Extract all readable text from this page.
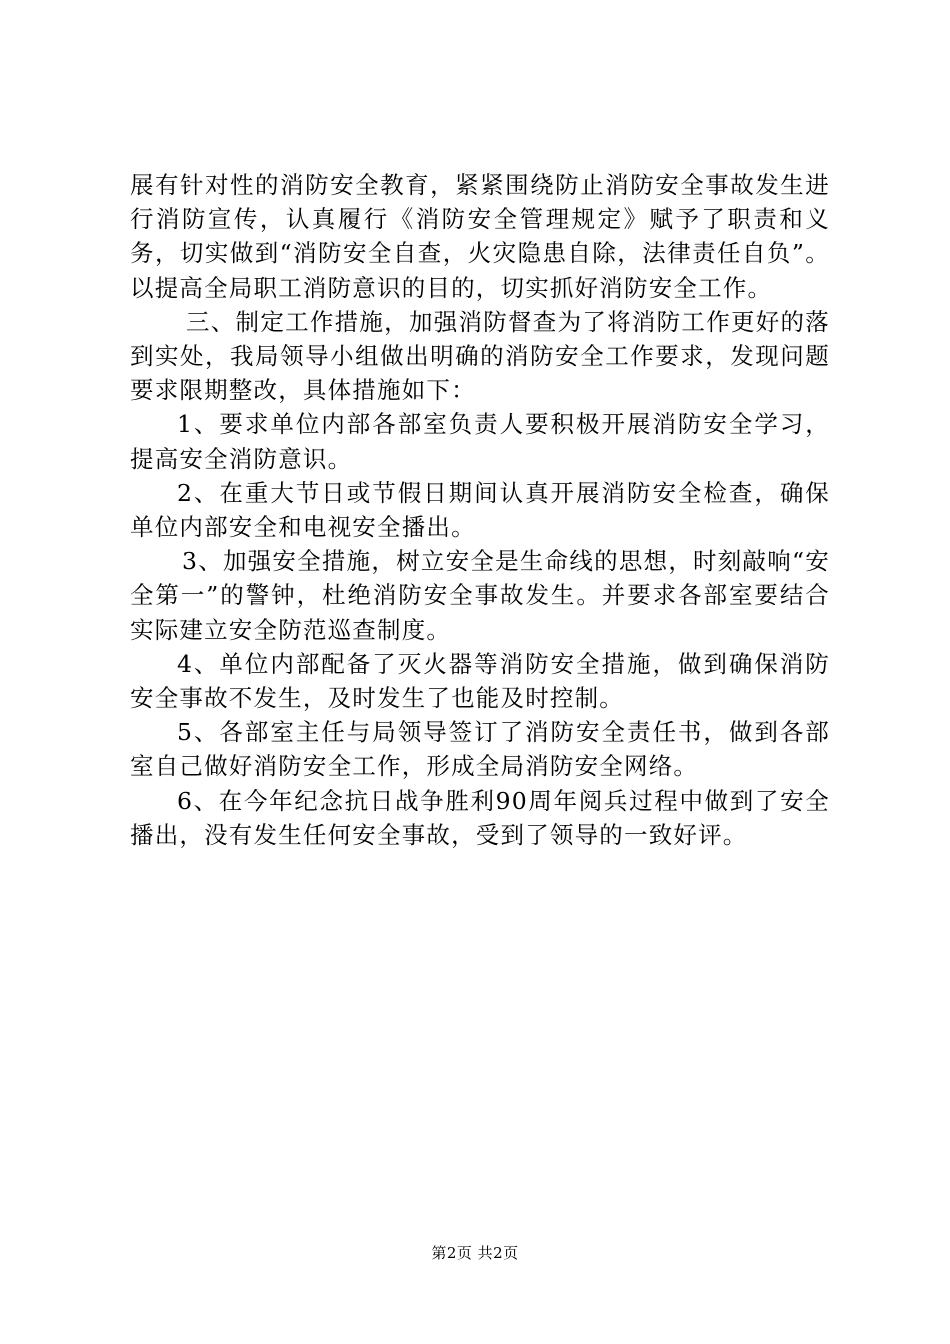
展有针对性的消防安全教育，紧紧围绕防止消防安全事故发生进行消防宣传，认真履行《消防安全管理规定》赋予了职责和义务，切实做到“消防安全自查，火灾隐患自除，法律责任自负”。以提高全局职工消防意识的目的，切实抓好消防安全工作。

三、制定工作措施，加强消防督查为了将消防工作更好的落到实处，我局领导小组做出明确的消防安全工作要求，发现问题要求限期整改，具体措施如下：

1、要求单位内部各部室负责人要积极开展消防安全学习，提高安全消防意识。

2、在重大节日或节假日期间认真开展消防安全检查，确保单位内部安全和电视安全播出。

3、加强安全措施，树立安全是生命线的思想，时刻敲响“安全第一”的警钟，杜绝消防安全事故发生。并要求各部室要结合实际建立安全防范巡查制度。

4、单位内部配备了灭火器等消防安全措施，做到确保消防安全事故不发生，及时发生了也能及时控制。

5、各部室主任与局领导签订了消防安全责任书，做到各部室自己做好消防安全工作，形成全局消防安全网络。

6、在今年纪念抗日战争胜利90周年阅兵过程中做到了安全播出，没有发生任何安全事故，受到了领导的一致好评。

第2页 共2页
